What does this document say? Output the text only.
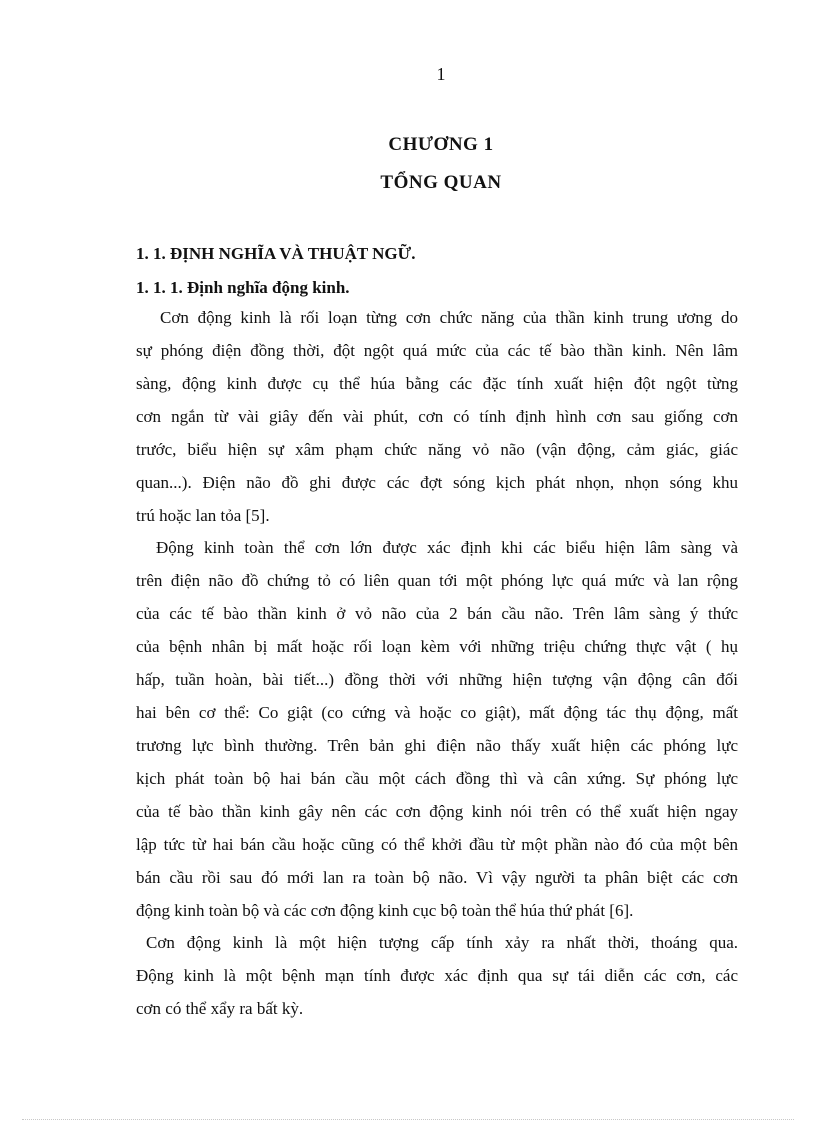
1
CHƯƠNG 1
TỔNG QUAN
1. 1. ĐỊNH NGHĨA VÀ THUẬT NGỮ.
1. 1. 1. Định nghĩa động kinh.
Cơn động kinh là rối loạn từng cơn chức năng của thần kinh trung ương do
sự phóng điện đồng thời, đột ngột quá mức của các tế bào thần kinh. Nên lâm
sàng, động kinh được cụ thể húa bằng các đặc tính xuất hiện đột ngột từng
cơn ngắn từ vài giây đến vài phút, cơn có tính định hình cơn sau giống cơn
trước, biểu hiện sự xâm phạm chức năng vỏ não (vận động, cảm giác, giác
quan...). Điện não đồ ghi được các đợt sóng kịch phát nhọn, nhọn sóng khu
trú hoặc lan tỏa [5].
Động kinh toàn thể cơn lớn được xác định khi các biểu hiện lâm sàng và
trên điện não đồ chứng tỏ có liên quan tới một phóng lực quá mức và lan rộng
của các tế bào thần kinh ở vỏ não của 2 bán cầu não. Trên lâm sàng ý thức
của bệnh nhân bị mất hoặc rối loạn kèm với những triệu chứng thực vật ( hụ
hấp, tuần hoàn, bài tiết...) đồng thời với những hiện tượng vận động cân đối
hai bên cơ thể: Co giật (co cứng và hoặc co giật), mất động tác thụ động, mất
trương lực bình thường. Trên bản ghi điện não thấy xuất hiện các phóng lực
kịch phát toàn bộ hai bán cầu một cách đồng thì và cân xứng. Sự phóng lực
của tế bào thần kinh gây nên các cơn động kinh nói trên có thể xuất hiện ngay
lập tức từ hai bán cầu hoặc cũng có thể khởi đầu từ một phần nào đó của một bên
bán cầu rồi sau đó mới lan ra toàn bộ não. Vì vậy người ta phân biệt các cơn
động kinh toàn bộ và các cơn động kinh cục bộ toàn thể húa thứ phát [6].
Cơn động kinh là một hiện tượng cấp tính xảy ra nhất thời, thoáng qua.
Động kinh là một bệnh mạn tính được xác định qua sự tái diễn các cơn, các
cơn có thể xẩy ra bất kỳ.
